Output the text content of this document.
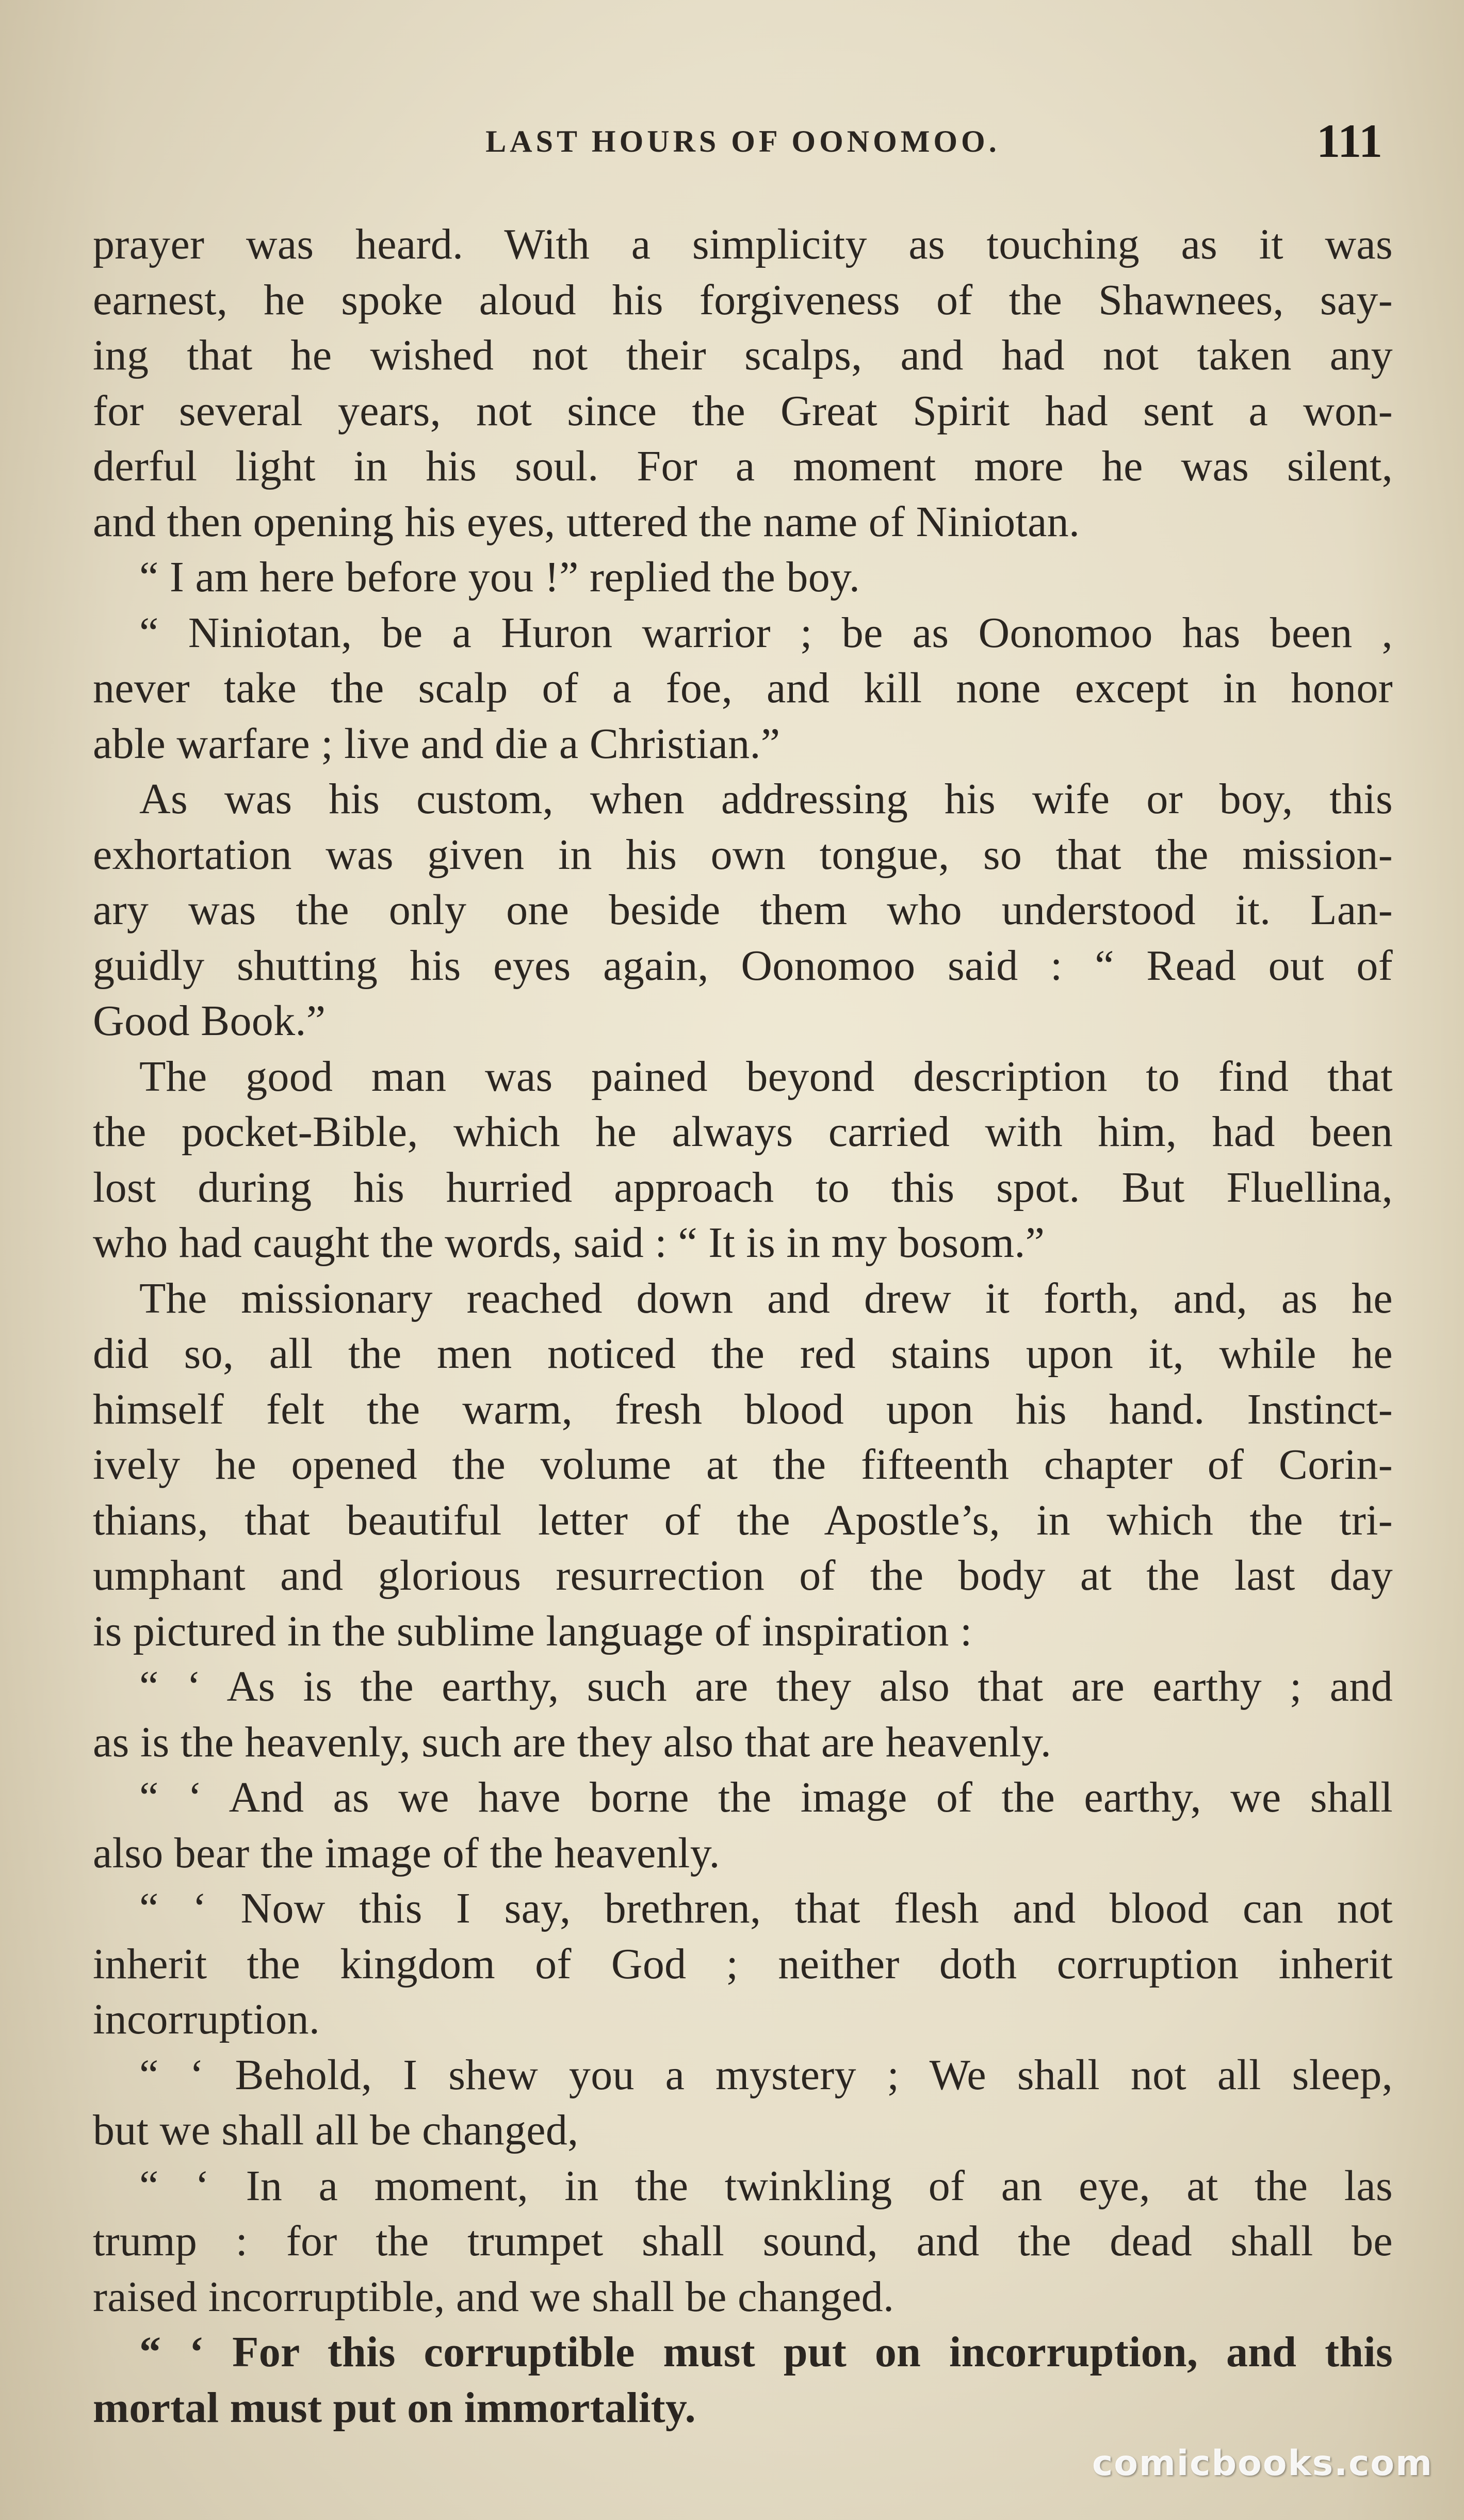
LAST HOURS OF OONOMOO.	111
prayer was heard. With a simplicity as touching as it was
earnest, he spoke aloud his forgiveness of the Shawnees, say-
ing that he wished not their scalps, and had not taken any
for several years, not since the Great Spirit had sent a won-
derful light in his soul. For a moment more he was silent,
and then opening his eyes, uttered the name of Niniotan.
“ I am here before you !” replied the boy.
“ Niniotan, be a Huron warrior ; be as Oonomoo has been ,
never take the scalp of a foe, and kill none except in honor
able warfare ; live and die a Christian.”
As was his custom, when addressing his wife or boy, this
exhortation was given in his own tongue, so that the mission-
ary was the only one beside them who understood it. Lan-
guidly shutting his eyes again, Oonomoo said : “ Read out of
Good Book.”
The good man was pained beyond description to find that
the pocket-Bible, which he always carried with him, had been
lost during his hurried approach to this spot. But Fluellina,
who had caught the words, said : “ It is in my bosom.”
The missionary reached down and drew it forth, and, as he
did so, all the men noticed the red stains upon it, while he
himself felt the warm, fresh blood upon his hand. Instinct-
ively he opened the volume at the fifteenth chapter of Corin-
thians, that beautiful letter of the Apostle’s, in which the tri-
umphant and glorious resurrection of the body at the last day
is pictured in the sublime language of inspiration :
“ ‘ As is the earthy, such are they also that are earthy ; and
as is the heavenly, such are they also that are heavenly.
“ ‘ And as we have borne the image of the earthy, we shall
also bear the image of the heavenly.
“ ‘ Now this I say, brethren, that flesh and blood can not
inherit the kingdom of God ; neither doth corruption inherit
incorruption.
“ ‘ Behold, I shew you a mystery ; We shall not all sleep,
but we shall all be changed,
“ ‘ In a moment, in the twinkling of an eye, at the las
trump : for the trumpet shall sound, and the dead shall be
raised incorruptible, and we shall be changed.
“ ‘ For this corruptible must put on incorruption, and this
mortal must put on immortality.
comicbooks.com
